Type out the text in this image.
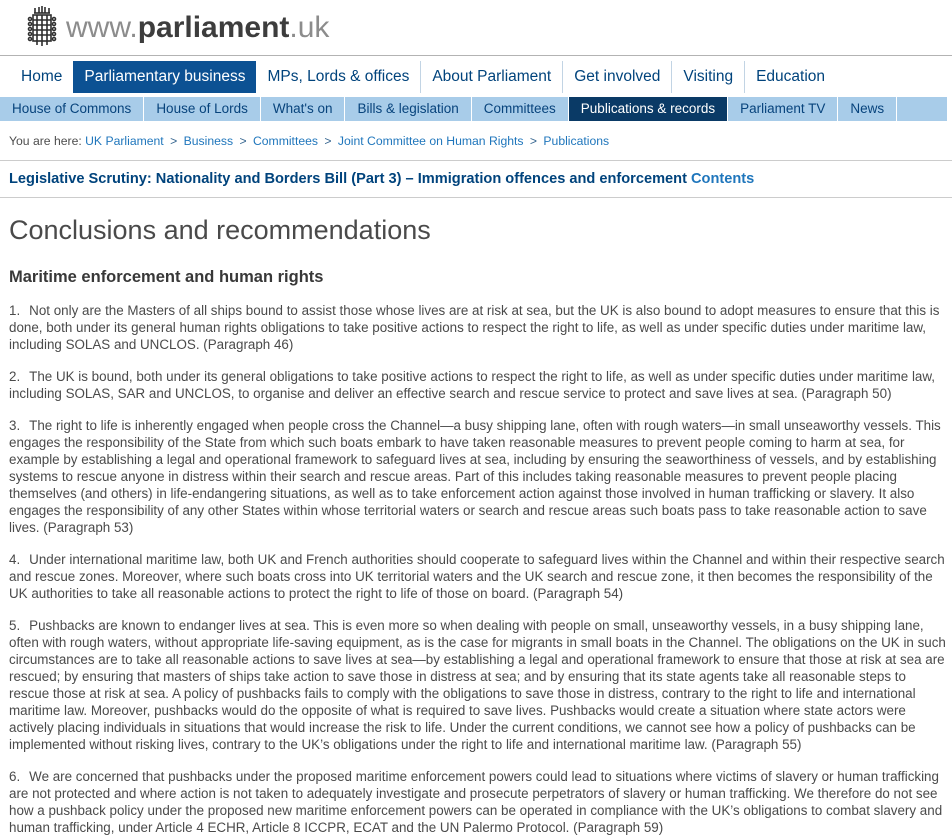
www.parliament.uk
Home	Parliamentary business	MPs, Lords & offices	About Parliament	Get involved	Visiting	Education
House of Commons	House of Lords	What's on	Bills & legislation	Committees	Publications & records	Parliament TV	News
You are here: UK Parliament > Business > Committees > Joint Committee on Human Rights > Publications
Legislative Scrutiny: Nationality and Borders Bill (Part 3) – Immigration offences and enforcement Contents
Conclusions and recommendations
Maritime enforcement and human rights

1. Not only are the Masters of all ships bound to assist those whose lives are at risk at sea, but the UK is also bound to adopt measures to ensure that this is done, both under its general human rights obligations to take positive actions to respect the right to life, as well as under specific duties under maritime law, including SOLAS and UNCLOS. (Paragraph 46)

2. The UK is bound, both under its general obligations to take positive actions to respect the right to life, as well as under specific duties under maritime law, including SOLAS, SAR and UNCLOS, to organise and deliver an effective search and rescue service to protect and save lives at sea. (Paragraph 50)

3. The right to life is inherently engaged when people cross the Channel—a busy shipping lane, often with rough waters—in small unseaworthy vessels. This engages the responsibility of the State from which such boats embark to have taken reasonable measures to prevent people coming to harm at sea, for example by establishing a legal and operational framework to safeguard lives at sea, including by ensuring the seaworthiness of vessels, and by establishing systems to rescue anyone in distress within their search and rescue areas. Part of this includes taking reasonable measures to prevent people placing themselves (and others) in life-endangering situations, as well as to take enforcement action against those involved in human trafficking or slavery. It also engages the responsibility of any other States within whose territorial waters or search and rescue areas such boats pass to take reasonable action to save lives. (Paragraph 53)

4. Under international maritime law, both UK and French authorities should cooperate to safeguard lives within the Channel and within their respective search and rescue zones. Moreover, where such boats cross into UK territorial waters and the UK search and rescue zone, it then becomes the responsibility of the UK authorities to take all reasonable actions to protect the right to life of those on board. (Paragraph 54)

5. Pushbacks are known to endanger lives at sea. This is even more so when dealing with people on small, unseaworthy vessels, in a busy shipping lane, often with rough waters, without appropriate life-saving equipment, as is the case for migrants in small boats in the Channel. The obligations on the UK in such circumstances are to take all reasonable actions to save lives at sea—by establishing a legal and operational framework to ensure that those at risk at sea are rescued; by ensuring that masters of ships take action to save those in distress at sea; and by ensuring that its state agents take all reasonable steps to rescue those at risk at sea. A policy of pushbacks fails to comply with the obligations to save those in distress, contrary to the right to life and international maritime law. Moreover, pushbacks would do the opposite of what is required to save lives. Pushbacks would create a situation where state actors were actively placing individuals in situations that would increase the risk to life. Under the current conditions, we cannot see how a policy of pushbacks can be implemented without risking lives, contrary to the UK’s obligations under the right to life and international maritime law. (Paragraph 55)

6. We are concerned that pushbacks under the proposed maritime enforcement powers could lead to situations where victims of slavery or human trafficking are not protected and where action is not taken to adequately investigate and prosecute perpetrators of slavery or human trafficking. We therefore do not see how a pushback policy under the proposed new maritime enforcement powers can be operated in compliance with the UK’s obligations to combat slavery and human trafficking, under Article 4 ECHR, Article 8 ICCPR, ECAT and the UN Palermo Protocol. (Paragraph 59)
